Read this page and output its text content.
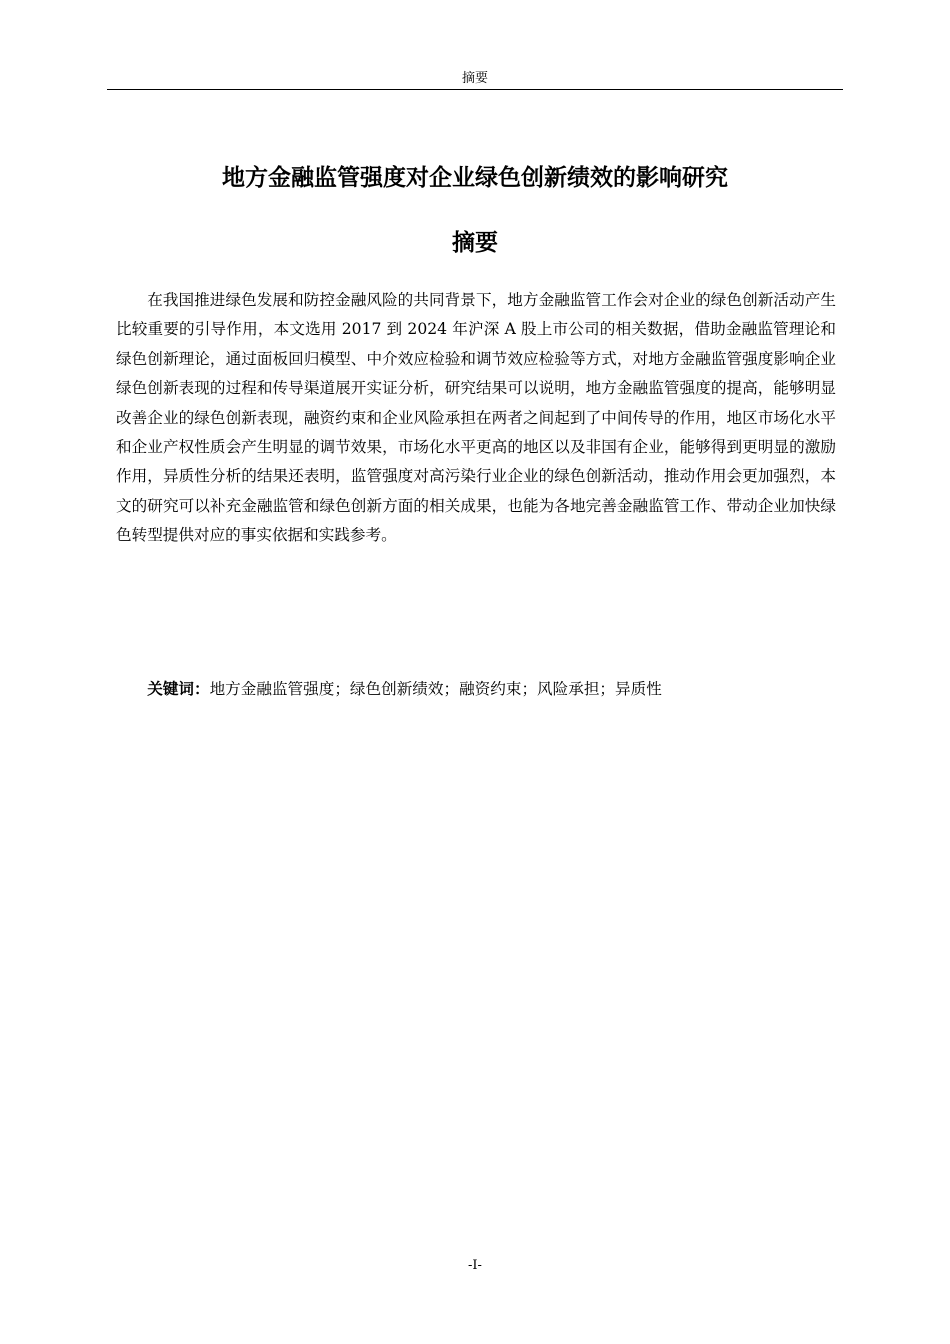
摘要
地方金融监管强度对企业绿色创新绩效的影响研究
摘要

在我国推进绿色发展和防控金融风险的共同背景下，地方金融监管工作会对企业的绿色创新活动产生比较重要的引导作用，本文选用 2017 到 2024 年沪深 A 股上市公司的相关数据，借助金融监管理论和绿色创新理论，通过面板回归模型、中介效应检验和调节效应检验等方式，对地方金融监管强度影响企业绿色创新表现的过程和传导渠道展开实证分析，研究结果可以说明，地方金融监管强度的提高，能够明显改善企业的绿色创新表现，融资约束和企业风险承担在两者之间起到了中间传导的作用，地区市场化水平和企业产权性质会产生明显的调节效果，市场化水平更高的地区以及非国有企业，能够得到更明显的激励作用，异质性分析的结果还表明，监管强度对高污染行业企业的绿色创新活动，推动作用会更加强烈，本文的研究可以补充金融监管和绿色创新方面的相关成果，也能为各地完善金融监管工作、带动企业加快绿色转型提供对应的事实依据和实践参考。

关键词：地方金融监管强度；绿色创新绩效；融资约束；风险承担；异质性

-I-
